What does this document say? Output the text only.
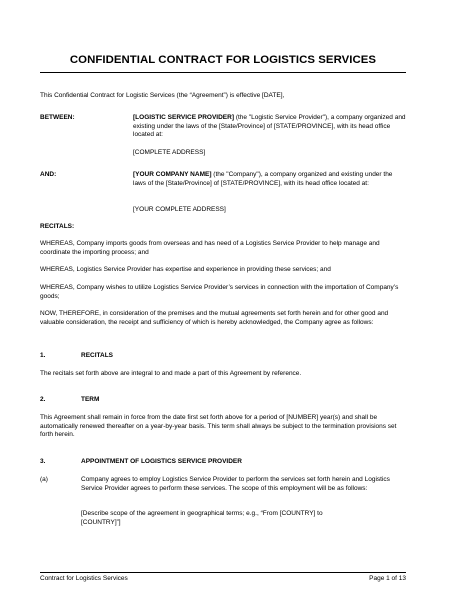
CONFIDENTIAL CONTRACT FOR LOGISTICS SERVICES
This Confidential Contract for Logistic Services (the “Agreement”) is effective [DATE],
BETWEEN:	[LOGISTIC SERVICE PROVIDER] (the "Logistic Service Provider"), a company organized and existing under the laws of the [State/Province] of [STATE/PROVINCE], with its head office located at:
[COMPLETE ADDRESS]
AND:	[YOUR COMPANY NAME] (the "Company"), a company organized and existing under the laws of the [State/Province] of [STATE/PROVINCE], with its head office located at:
[YOUR COMPLETE ADDRESS]
RECITALS:
WHEREAS, Company imports goods from overseas and has need of a Logistics Service Provider to help manage and coordinate the importing process; and
WHEREAS, Logistics Service Provider has expertise and experience in providing these services; and
WHEREAS, Company wishes to utilize Logistics Service Provider’s services in connection with the importation of Company’s goods;
NOW, THEREFORE, in consideration of the premises and the mutual agreements set forth herein and for other good and valuable consideration, the receipt and sufficiency of which is hereby acknowledged, the Company agree as follows:
1.	RECITALS
The recitals set forth above are integral to and made a part of this Agreement by reference.
2.	TERM
This Agreement shall remain in force from the date first set forth above for a period of [NUMBER] year(s) and shall be automatically renewed thereafter on a year-by-year basis. This term shall always be subject to the termination provisions set forth herein.
3.	APPOINTMENT OF LOGISTICS SERVICE PROVIDER
(a)	Company agrees to employ Logistics Service Provider to perform the services set forth herein and Logistics Service Provider agrees to perform these services. The scope of this employment will be as follows:
[Describe scope of the agreement in geographical terms; e.g., “From [COUNTRY] to [COUNTRY]”]
Contract for Logistics Services	Page 1 of 13
